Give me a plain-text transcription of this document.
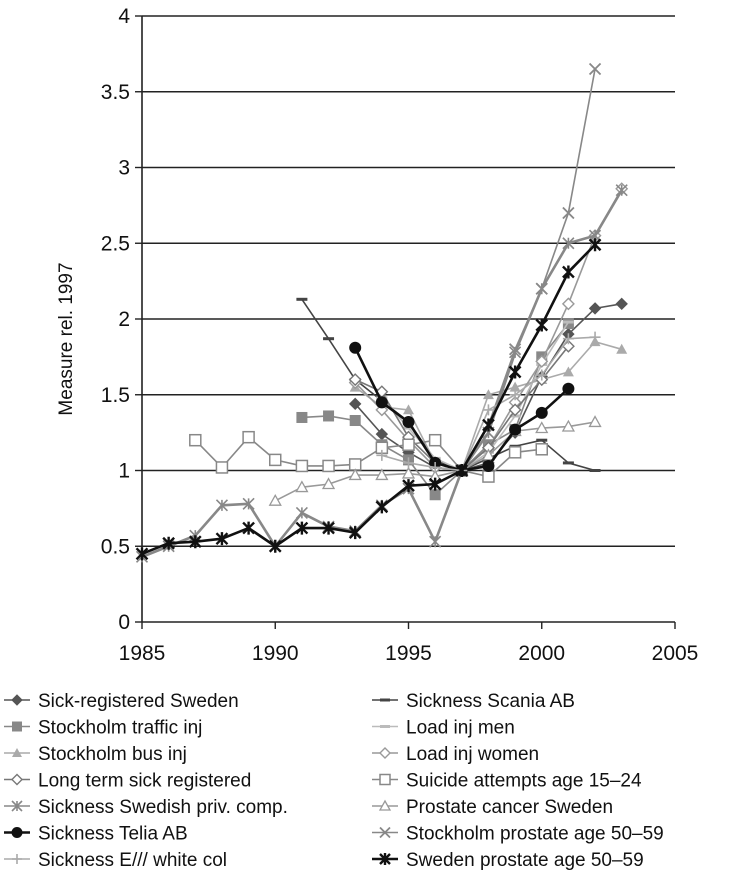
0
0.5
1
1.5
2
2.5
3
3.5
4
1985	1990	1995	2000	2005
Measure rel. 1997
Sick-registered Sweden	Sickness Scania AB
Stockholm traffic inj	Load inj men
Stockholm bus inj	Load inj women
Long term sick registered	Suicide attempts age 15–24
Sickness Swedish priv. comp.	Prostate cancer Sweden
Sickness Telia AB	Stockholm prostate age 50–59
Sickness E/// white col	Sweden prostate age 50–59
